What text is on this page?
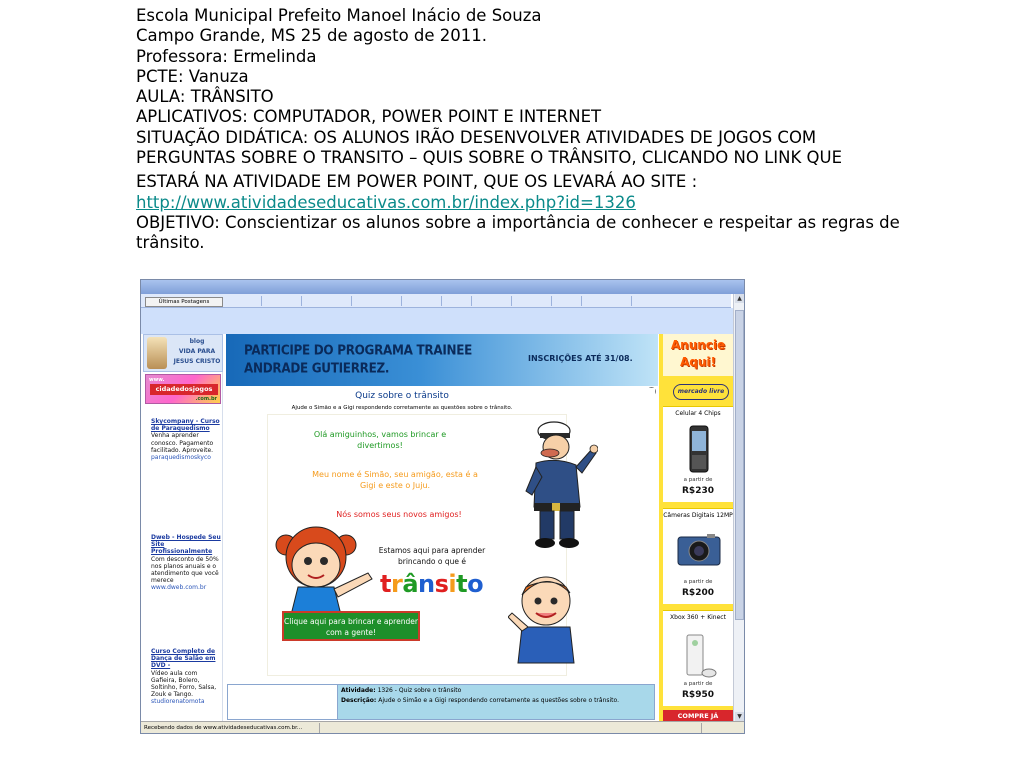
Escola Municipal Prefeito Manoel Inácio de Souza
Campo Grande, MS 25 de agosto de 2011.
Professora: Ermelinda
PCTE: Vanuza
AULA: TRÂNSITO
APLICATIVOS: COMPUTADOR, POWER POINT E INTERNET
SITUAÇÃO DIDÁTICA: OS ALUNOS IRÃO DESENVOLVER ATIVIDADES DE JOGOS COM
PERGUNTAS SOBRE O TRANSITO – QUIS SOBRE O TRÂNSITO, CLICANDO NO LINK QUE
ESTARÁ NA ATIVIDADE EM POWER POINT, QUE OS LEVARÁ AO SITE :
http://www.atividadeseducativas.com.br/index.php?id=1326
OBJETIVO: Conscientizar os alunos sobre a importância de conhecer e respeitar as regras de trânsito.
Últimas Postagens	▲
▼
blog
VIDA PARA
JESUS CRISTO
www.
cidadedosjogos
.com.br
Skycompany - Curso de Paraquedismo
Venha aprender conosco. Pagamento facilitado. Aproveite.
paraquedismoskyco
Dweb - Hospede Seu Site Profissionalmente
Com desconto de 50% nos planos anuais e o atendimento que você merece
www.dweb.com.br
Curso Completo de Dança de Salão em DVD -
Vídeo aula com Gafieira, Bolero, Soltinho, Forro, Salsa, Zouk e Tango.
studiorenatomota
PARTICIPE DO PROGRAMA TRAINEE
ANDRADE GUTIERREZ.
INSCRIÇÕES ATÉ 31/08.
Quiz sobre o trânsito
Ajude o Simão e a Gigi respondendo corretamente as questões sobre o trânsito.
Olá amiguinhos, vamos brincar e divertimos!
Meu nome é Simão, seu amigão, esta é a Gigi e este o Juju.
Nós somos seus novos amigos!
Estamos aqui para aprender brincando o que é
trânsito
Clique aqui para brincar e aprender com a gente!
Anuncie
Aqui!
mercado livre
Celular 4 Chips
a partir de
R$230
Câmeras Digitais 12MP
a partir de
R$200
Xbox 360 + Kinect
a partir de
R$950
COMPRE JÁ
Atividade: 1326 - Quiz sobre o trânsito
Descrição: Ajude o Simão e a Gigi respondendo corretamente as questões sobre o trânsito.
Recebendo dados de www.atividadeseducativas.com.br...
